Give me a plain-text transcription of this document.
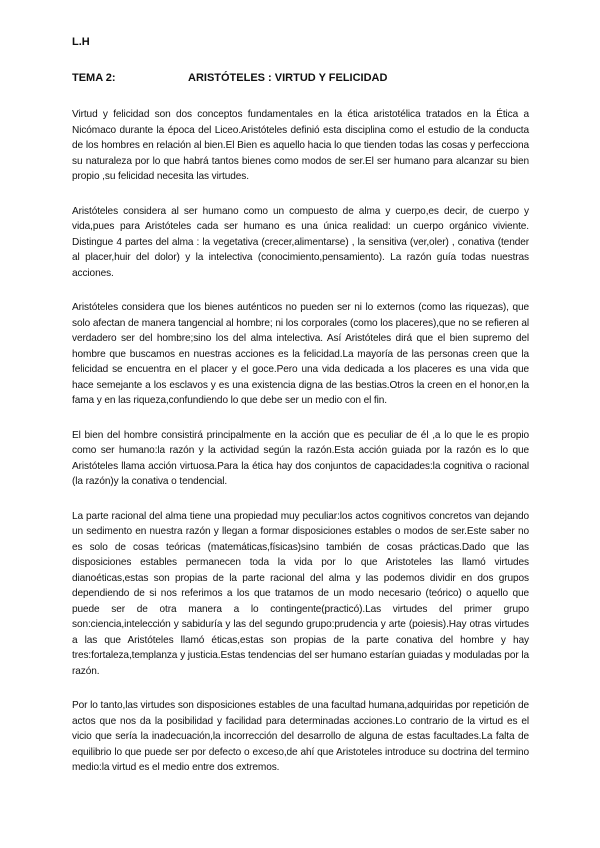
L.H
TEMA 2:	ARISTÓTELES : VIRTUD Y FELICIDAD

Virtud y felicidad son dos conceptos fundamentales en la ética aristotélica tratados en la Ética a Nicómaco durante la época del Liceo.Aristóteles definió esta disciplina como el estudio de la conducta de los hombres en relación al bien.El Bien es aquello hacia lo que tienden todas las cosas y perfecciona su naturaleza por lo que habrá tantos bienes como modos de ser.El ser humano para alcanzar su bien propio ,su felicidad necesita las virtudes.

Aristóteles considera al ser humano como un compuesto de alma y cuerpo,es decir, de cuerpo y vida,pues para Aristóteles cada ser humano es una única realidad: un cuerpo orgánico viviente. Distingue 4 partes del alma : la vegetativa (crecer,alimentarse) , la sensitiva (ver,oler) , conativa (tender al placer,huir del dolor) y la intelectiva (conocimiento,pensamiento). La razón guía todas nuestras acciones.

Aristóteles considera que los bienes auténticos no pueden ser ni lo externos (como las riquezas), que solo afectan de manera tangencial al hombre; ni los corporales (como los placeres),que no se refieren al verdadero ser del hombre;sino los del alma intelectiva. Así Aristóteles dirá que el bien supremo del hombre que buscamos en nuestras acciones es la felicidad.La mayoría de las personas creen que la felicidad se encuentra en el placer y el goce.Pero una vida dedicada a los placeres es una vida que hace semejante a los esclavos y es una existencia digna de las bestias.Otros la creen en el honor,en la fama y en las riqueza,confundiendo lo que debe ser un medio con el fin.

El bien del hombre consistirá principalmente en la acción que es peculiar de él ,a lo que le es propio como ser humano:la razón y la actividad según la razón.Esta acción guiada por la razón es lo que Aristóteles llama acción virtuosa.Para la ética hay dos conjuntos de capacidades:la cognitiva o racional (la razón)y la conativa o tendencial.

La parte racional del alma tiene una propiedad muy peculiar:los actos cognitivos concretos van dejando un sedimento en nuestra razón y llegan a formar disposiciones estables o modos de ser.Este saber no es solo de cosas teóricas (matemáticas,físicas)sino también de cosas prácticas.Dado que las disposiciones estables permanecen toda la vida por lo que Aristoteles las llamó virtudes dianoéticas,estas son propias de la parte racional del alma y las podemos dividir en dos grupos dependiendo de si nos referimos a los que tratamos de un modo necesario (teórico) o aquello que puede ser de otra manera a lo contingente(practicó).Las virtudes del primer grupo son:ciencia,intelección y sabiduría y las del segundo grupo:prudencia y arte (poiesis).Hay otras virtudes a las que Aristóteles llamó éticas,estas son propias de la parte conativa del hombre y hay tres:fortaleza,templanza y justicia.Estas tendencias del ser humano estarían guiadas y moduladas por la razón.

Por lo tanto,las virtudes son disposiciones estables de una facultad humana,adquiridas por repetición de actos que nos da la posibilidad y facilidad para determinadas acciones.Lo contrario de la virtud es el vicio que sería la inadecuación,la incorrección del desarrollo de alguna de estas facultades.La falta de equilibrio lo que puede ser por defecto o exceso,de ahí que Aristoteles introduce su doctrina del termino medio:la virtud es el medio entre dos extremos.
